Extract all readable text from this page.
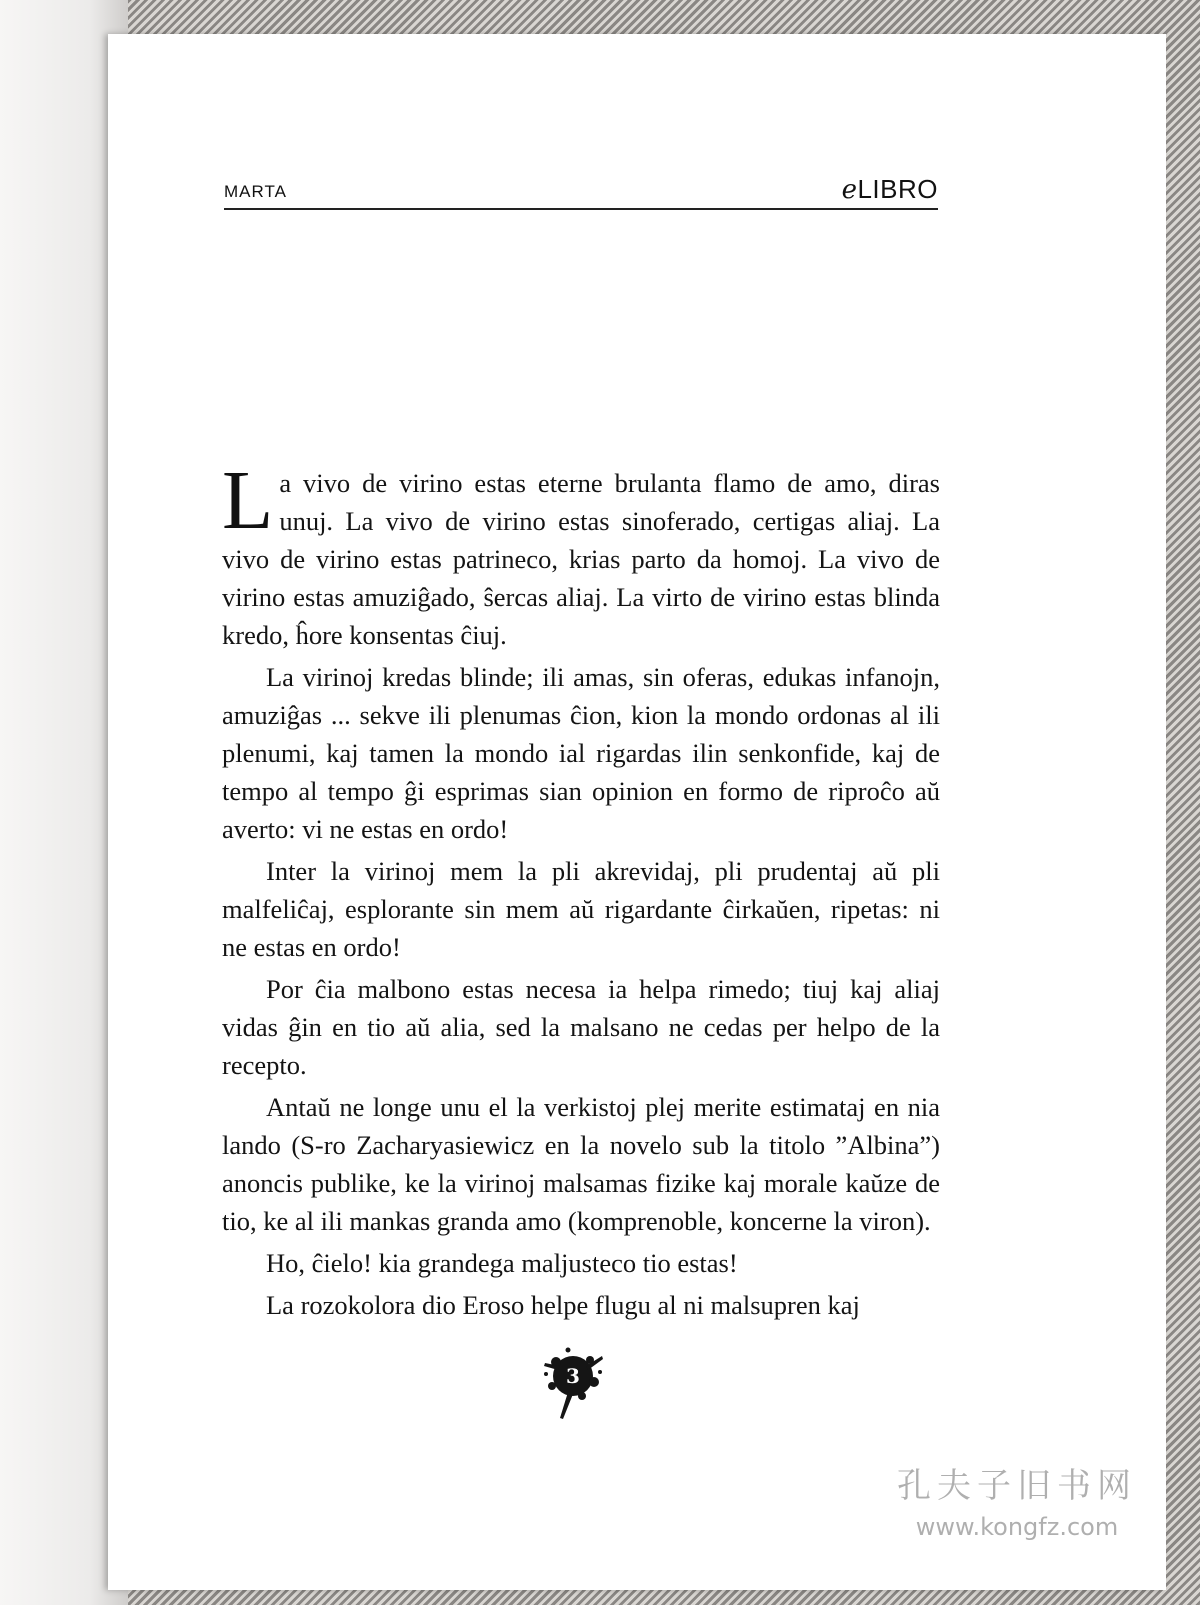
MARTA	eLIBRO

La vivo de virino estas eterne brulanta flamo de amo, diras unuj. La vivo de virino estas sinoferado, certigas aliaj. La vivo de virino estas patrineco, krias parto da homoj. La vivo de virino estas amuziĝado, ŝercas aliaj. La virto de virino estas blinda kredo, ĥore konsentas ĉiuj.

La virinoj kredas blinde; ili amas, sin oferas, edukas infanojn, amuziĝas ... sekve ili plenumas ĉion, kion la mondo ordonas al ili plenumi, kaj tamen la mondo ial rigardas ilin senkonfide, kaj de tempo al tempo ĝi esprimas sian opinion en formo de riproĉo aŭ averto: vi ne estas en ordo!

Inter la virinoj mem la pli akrevidaj, pli prudentaj aŭ pli malfeliĉaj, esplorante sin mem aŭ rigardante ĉirkaŭen, ripetas: ni ne estas en ordo!

Por ĉia malbono estas necesa ia helpa rimedo; tiuj kaj aliaj vidas ĝin en tio aŭ alia, sed la malsano ne cedas per helpo de la recepto.

Antaŭ ne longe unu el la verkistoj plej merite estimataj en nia lando (S-ro Zacharyasiewicz en la novelo sub la titolo ”Albina”) anoncis publike, ke la virinoj malsamas fizike kaj morale kaŭze de tio, ke al ili mankas granda amo (komprenoble, koncerne la viron).

Ho, ĉielo! kia grandega maljusteco tio estas!

La rozokolora dio Eroso helpe flugu al ni malsupren kaj

3
孔夫子旧书网
www.kongfz.com
